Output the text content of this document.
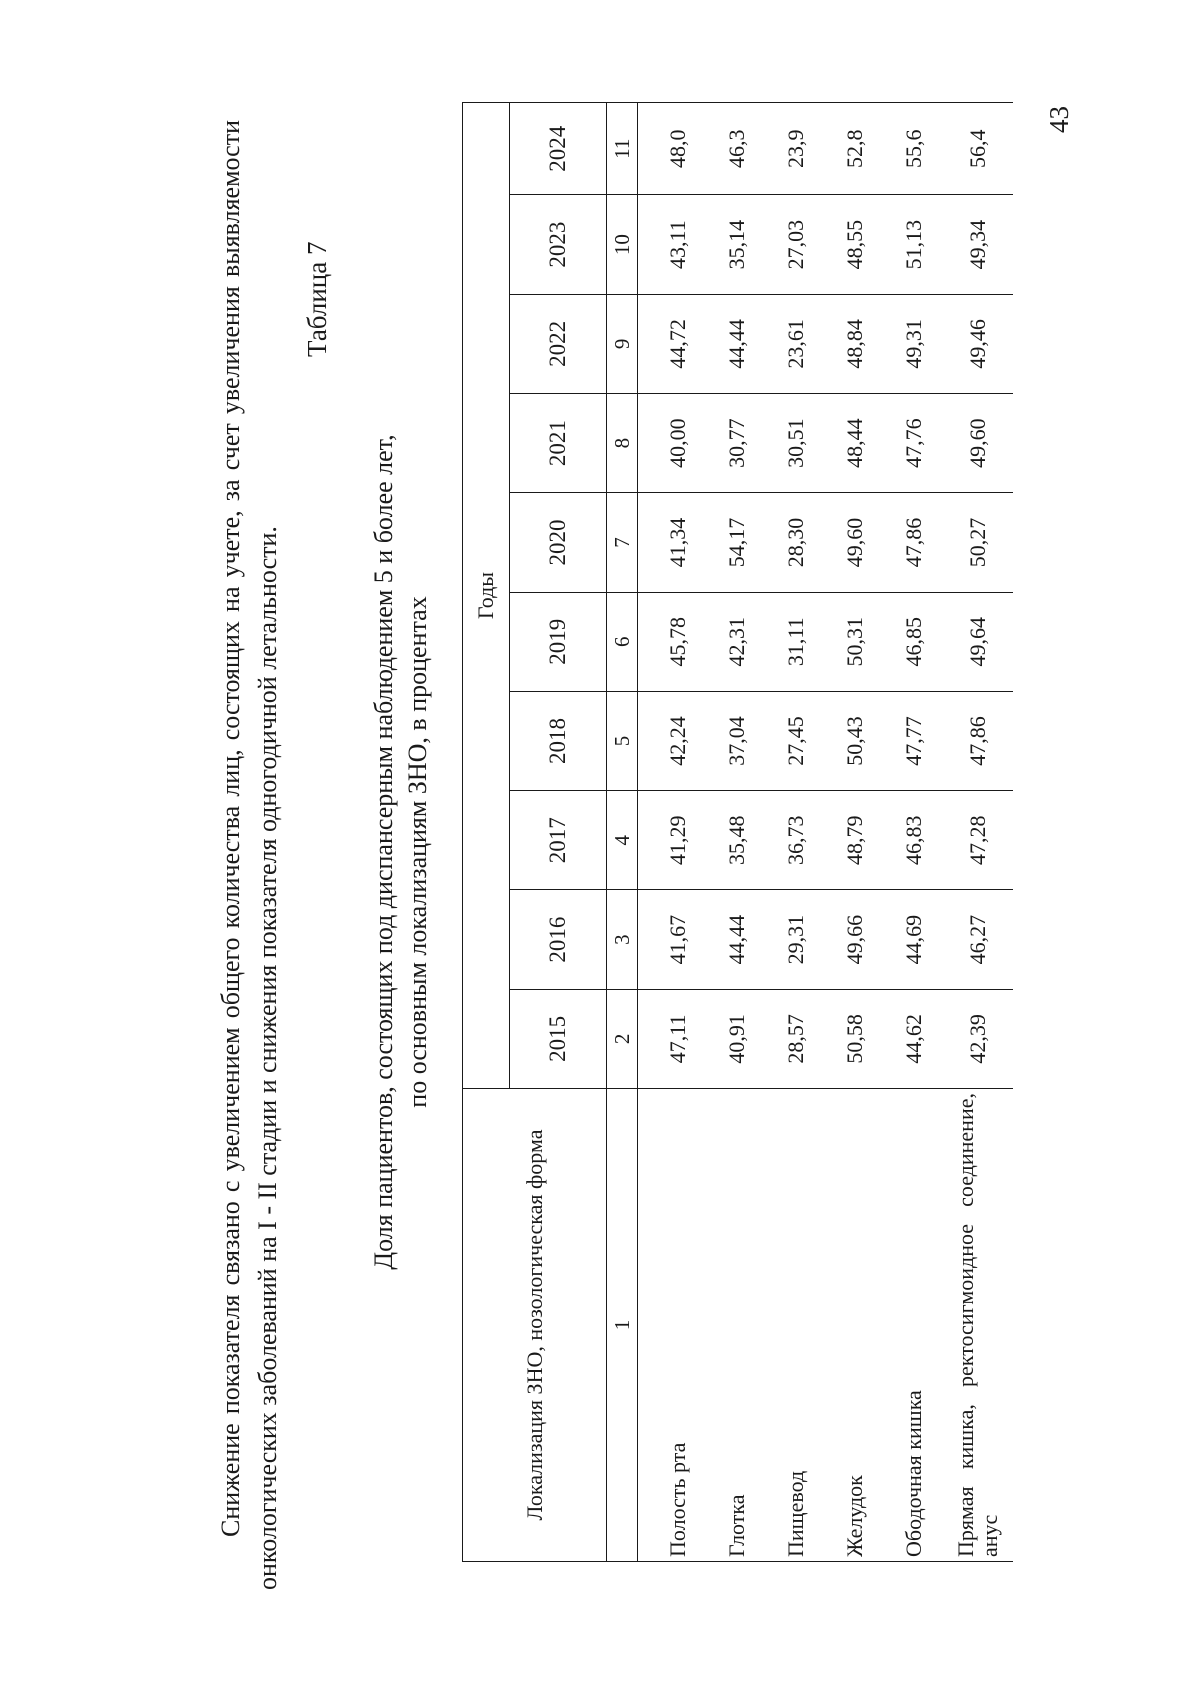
43

Снижение показателя связано с увеличением общего количества лиц, состоящих на учете, за счет увеличения выявляемости онкологических заболеваний на I - II стадии и снижения показателя одногодичной летальности.

Таблица 7
Доля пациентов, состоящих под диспансерным наблюдением 5 и более лет, по основным локализациям ЗНО, в процентах
Локализация ЗНО, нозологическая форма	Годы									
	2015	2016	2017	2018	2019	2020	2021	2022	2023	2024
1	2	3	4	5	6	7	8	9	10	11
Полость рта	47,11	41,67	41,29	42,24	45,78	41,34	40,00	44,72	43,11	48,0
Глотка	40,91	44,44	35,48	37,04	42,31	54,17	30,77	44,44	35,14	46,3
Пищевод	28,57	29,31	36,73	27,45	31,11	28,30	30,51	23,61	27,03	23,9
Желудок	50,58	49,66	48,79	50,43	50,31	49,60	48,44	48,84	48,55	52,8
Ободочная кишка	44,62	44,69	46,83	47,77	46,85	47,86	47,76	49,31	51,13	55,6
Прямая кишка, ректосигмоидное соединение, анус	42,39	46,27	47,28	47,86	49,64	50,27	49,60	49,46	49,34	56,4
